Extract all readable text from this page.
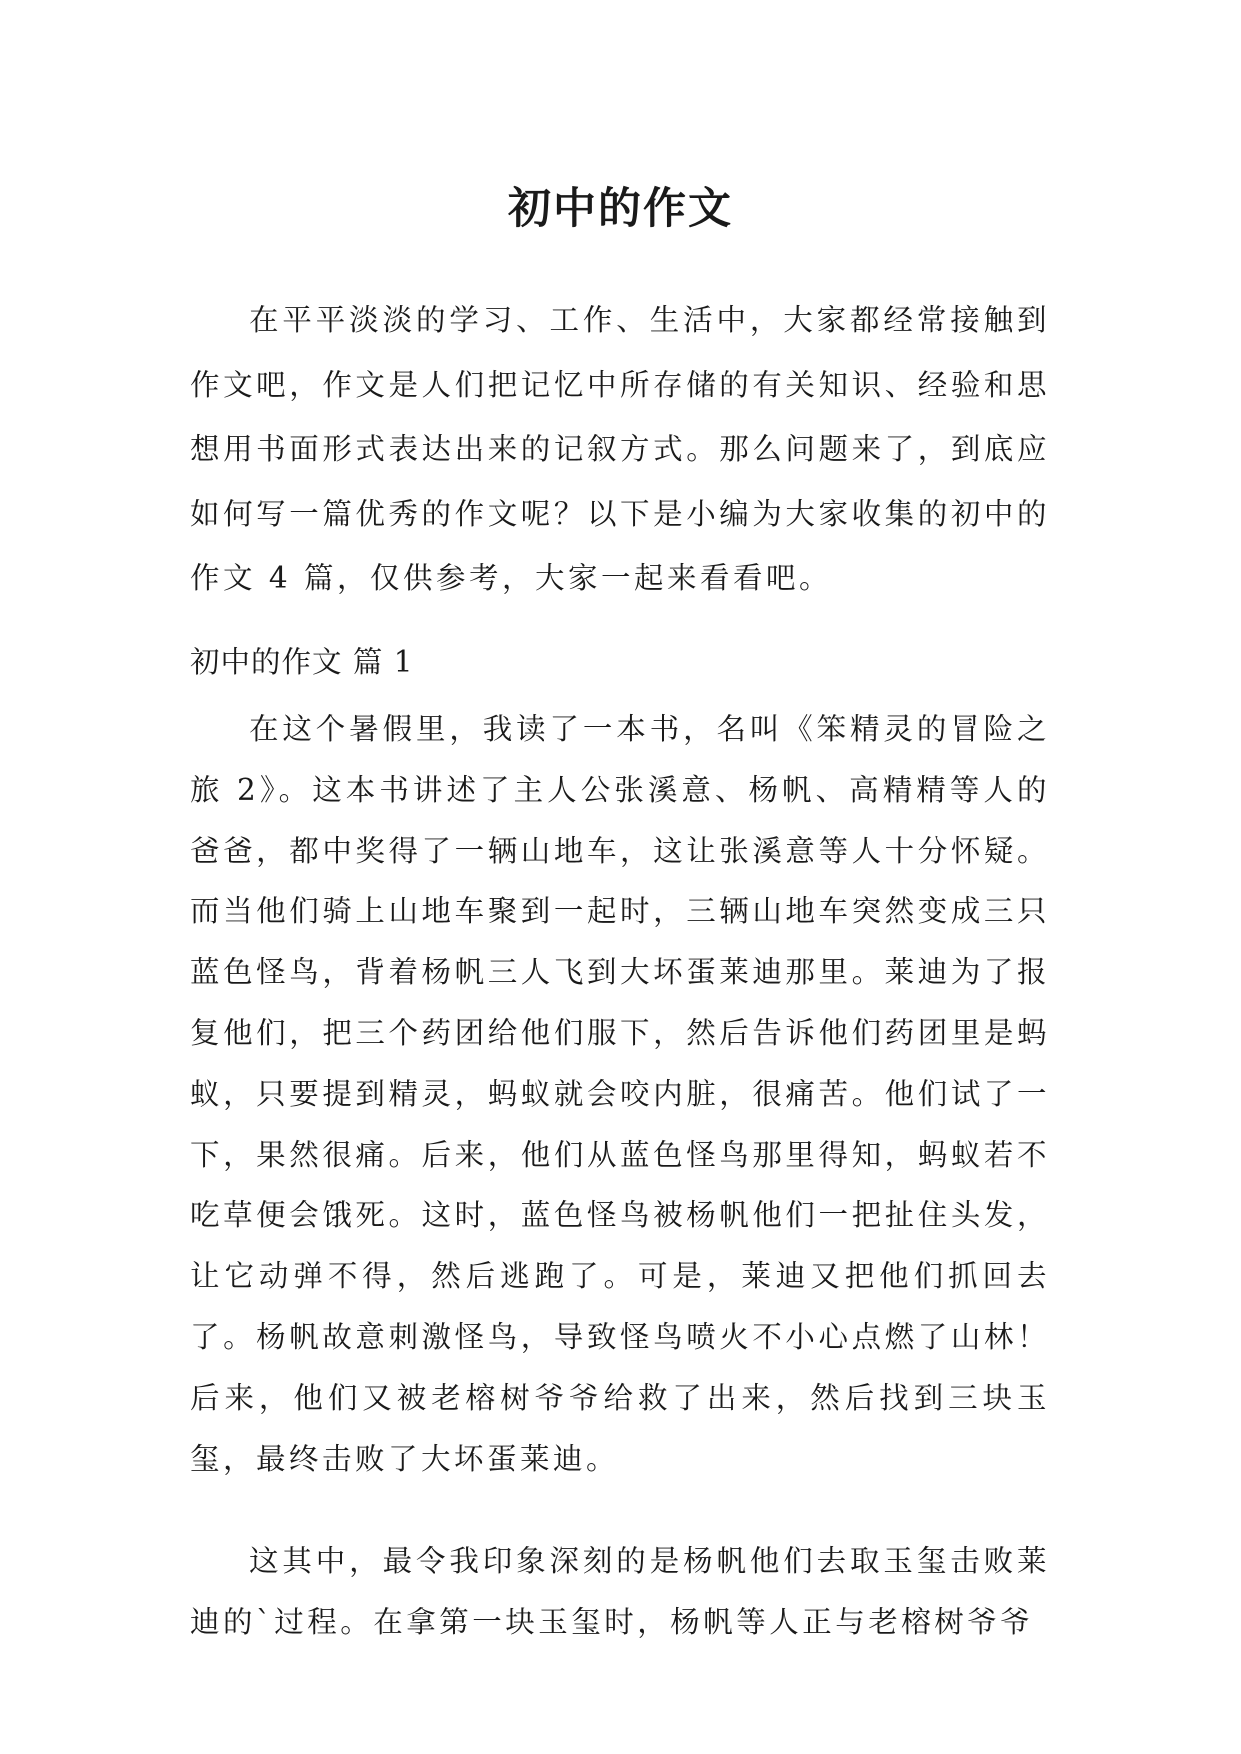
初中的作文

在平平淡淡的学习、工作、生活中，大家都经常接触到作文吧，作文是人们把记忆中所存储的有关知识、经验和思想用书面形式表达出来的记叙方式。那么问题来了，到底应如何写一篇优秀的作文呢？以下是小编为大家收集的初中的作文 4 篇，仅供参考，大家一起来看看吧。

初中的作文 篇 1

在这个暑假里，我读了一本书，名叫《笨精灵的冒险之旅 2》。这本书讲述了主人公张溪意、杨帆、高精精等人的爸爸，都中奖得了一辆山地车，这让张溪意等人十分怀疑。而当他们骑上山地车聚到一起时，三辆山地车突然变成三只蓝色怪鸟，背着杨帆三人飞到大坏蛋莱迪那里。莱迪为了报复他们，把三个药团给他们服下，然后告诉他们药团里是蚂蚁，只要提到精灵，蚂蚁就会咬内脏，很痛苦。他们试了一下，果然很痛。后来，他们从蓝色怪鸟那里得知，蚂蚁若不吃草便会饿死。这时，蓝色怪鸟被杨帆他们一把扯住头发，让它动弹不得，然后逃跑了。可是，莱迪又把他们抓回去了。杨帆故意刺激怪鸟，导致怪鸟喷火不小心点燃了山林！后来，他们又被老榕树爷爷给救了出来，然后找到三块玉玺，最终击败了大坏蛋莱迪。

这其中，最令我印象深刻的是杨帆他们去取玉玺击败莱迪的`过程。在拿第一块玉玺时，杨帆等人正与老榕树爷爷
